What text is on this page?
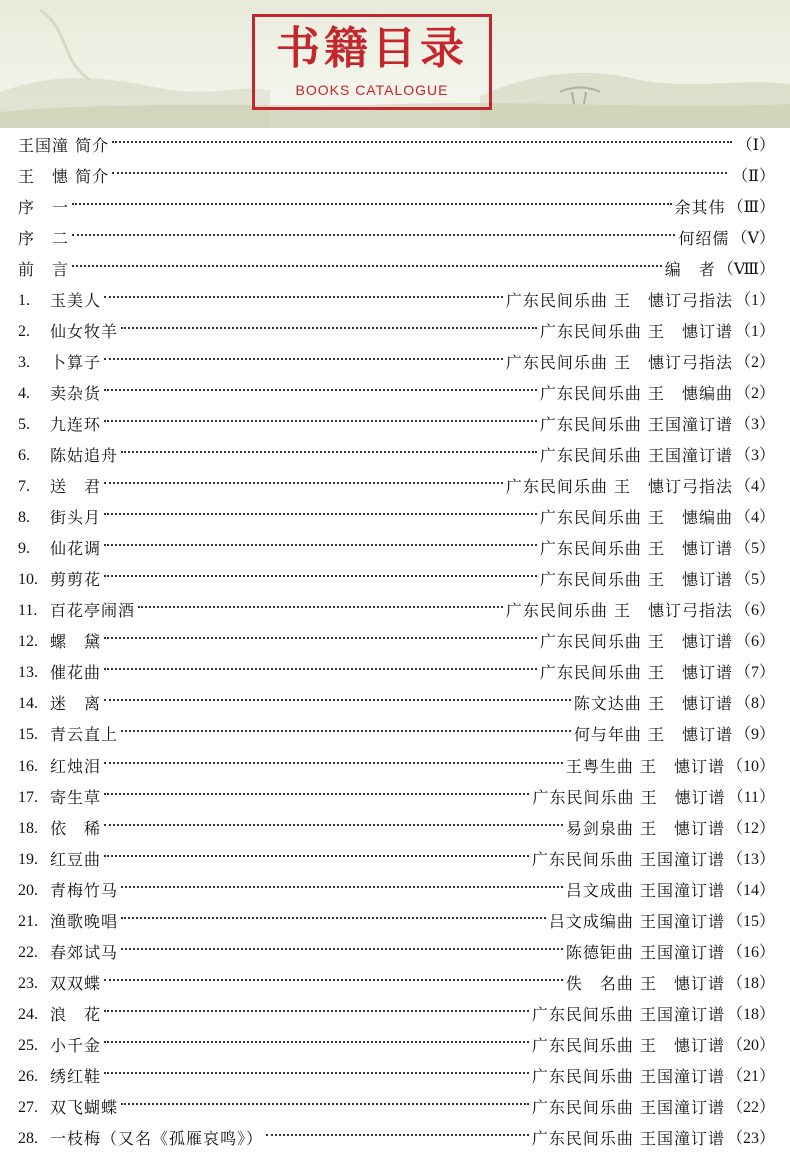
书籍目录
BOOKS CATALOGUE
王国潼 简介	（Ⅰ）
王　憓 简介	（Ⅱ）
序　一	余其伟 （Ⅲ）
序　二	何绍儒 （Ⅴ）
前　言	编　者 （Ⅷ）
1.	玉美人	广东民间乐曲 王　憓订弓指法 （1）
2.	仙女牧羊	广东民间乐曲 王　憓订谱 （1）
3.	卜算子	广东民间乐曲 王　憓订弓指法 （2）
4.	卖杂货	广东民间乐曲 王　憓编曲 （2）
5.	九连环	广东民间乐曲 王国潼订谱 （3）
6.	陈姑追舟	广东民间乐曲 王国潼订谱 （3）
7.	送　君	广东民间乐曲 王　憓订弓指法 （4）
8.	街头月	广东民间乐曲 王　憓编曲 （4）
9.	仙花调	广东民间乐曲 王　憓订谱 （5）
10. 剪剪花	广东民间乐曲 王　憓订谱 （5）
11. 百花亭闹酒	广东民间乐曲 王　憓订弓指法 （6）
12. 螺　黛	广东民间乐曲 王　憓订谱 （6）
13. 催花曲	广东民间乐曲 王　憓订谱 （7）
14. 迷　离	陈文达曲 王　憓订谱 （8）
15. 青云直上	何与年曲 王　憓订谱 （9）
16. 红烛泪	王粤生曲 王　憓订谱 （10）
17. 寄生草	广东民间乐曲 王　憓订谱 （11）
18. 依　稀	易剑泉曲 王　憓订谱 （12）
19. 红豆曲	广东民间乐曲 王国潼订谱 （13）
20. 青梅竹马	吕文成曲 王国潼订谱 （14）
21. 渔歌晚唱	吕文成编曲 王国潼订谱 （15）
22. 春郊试马	陈德钜曲 王国潼订谱 （16）
23. 双双蝶	佚　名曲 王　憓订谱 （18）
24. 浪　花	广东民间乐曲 王国潼订谱 （18）
25. 小千金	广东民间乐曲 王　憓订谱 （20）
26. 绣红鞋	广东民间乐曲 王国潼订谱 （21）
27. 双飞蝴蝶	广东民间乐曲 王国潼订谱 （22）
28. 一枝梅（又名《孤雁哀鸣》）	广东民间乐曲 王国潼订谱 （23）
